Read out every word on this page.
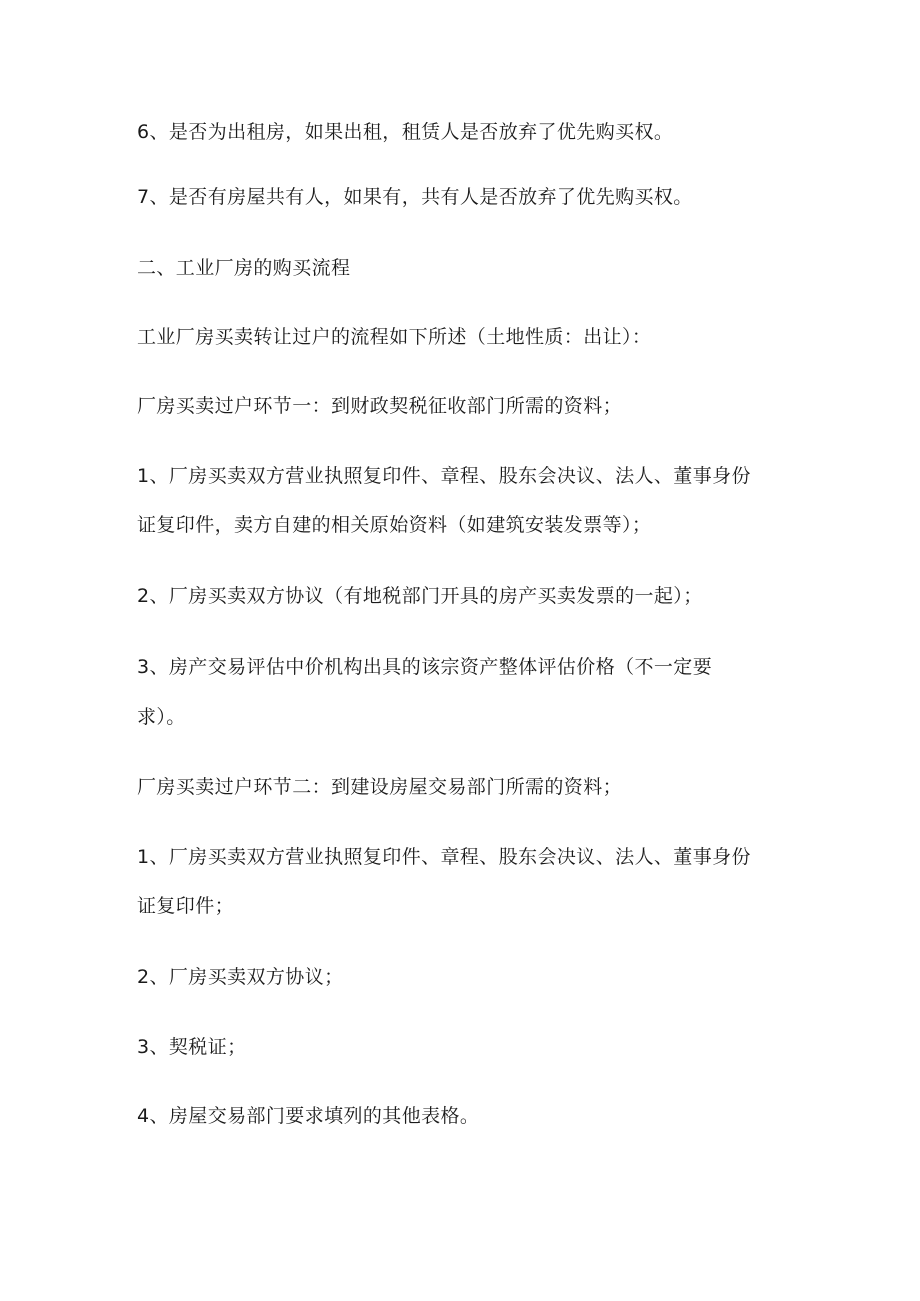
6、是否为出租房，如果出租，租赁人是否放弃了优先购买权。
7、是否有房屋共有人，如果有，共有人是否放弃了优先购买权。
二、工业厂房的购买流程
工业厂房买卖转让过户的流程如下所述（土地性质：出让）：
厂房买卖过户环节一：到财政契税征收部门所需的资料；
1、厂房买卖双方营业执照复印件、章程、股东会决议、法人、董事身份
证复印件，卖方自建的相关原始资料（如建筑安装发票等）；
2、厂房买卖双方协议（有地税部门开具的房产买卖发票的一起）；
3、房产交易评估中价机构出具的该宗资产整体评估价格（不一定要
求）。
厂房买卖过户环节二：到建设房屋交易部门所需的资料；
1、厂房买卖双方营业执照复印件、章程、股东会决议、法人、董事身份
证复印件；
2、厂房买卖双方协议；
3、契税证；
4、房屋交易部门要求填列的其他表格。
